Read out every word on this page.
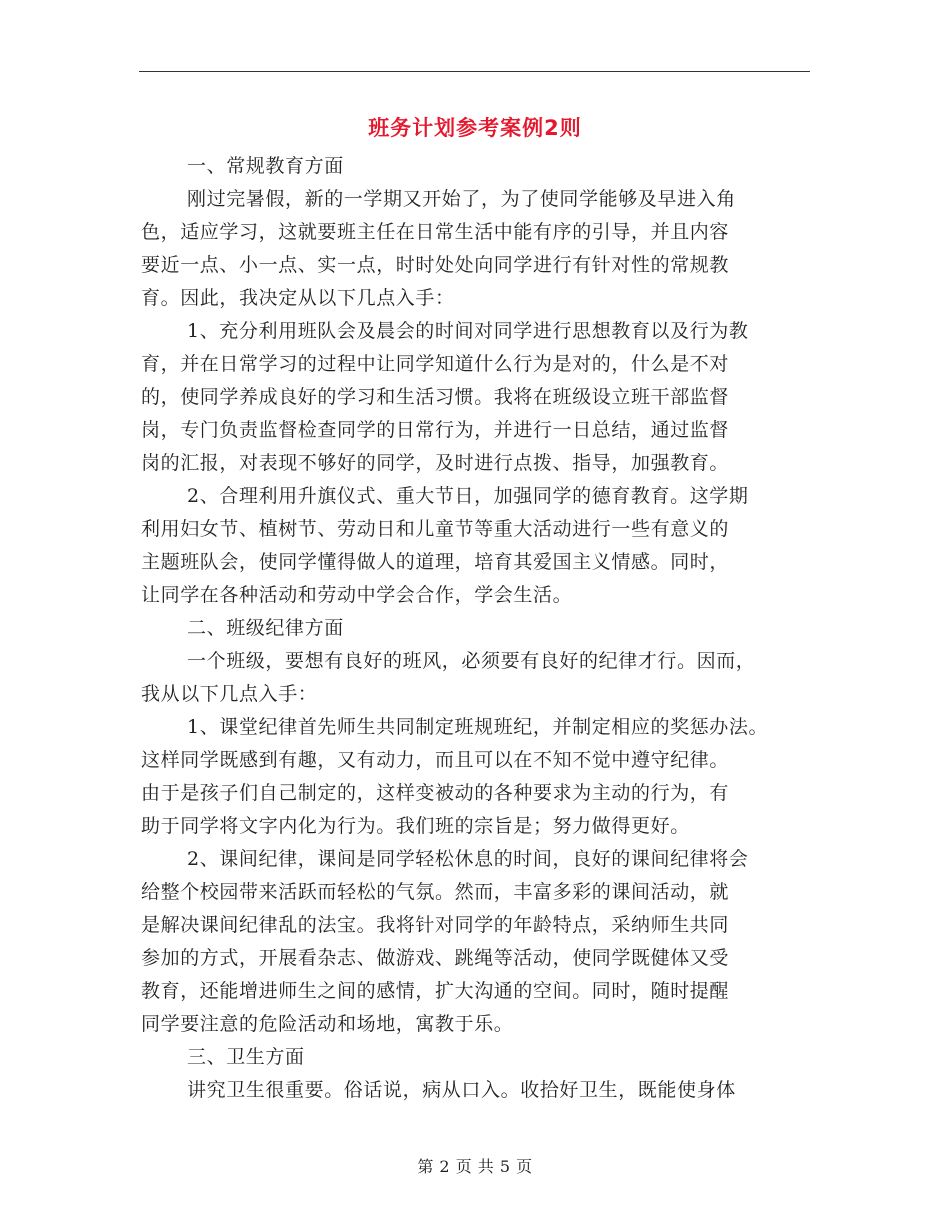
班务计划参考案例2则
一、常规教育方面
刚过完暑假，新的一学期又开始了，为了使同学能够及早进入角
色，适应学习，这就要班主任在日常生活中能有序的引导，并且内容
要近一点、小一点、实一点，时时处处向同学进行有针对性的常规教
育。因此，我决定从以下几点入手：
1、充分利用班队会及晨会的时间对同学进行思想教育以及行为教
育，并在日常学习的过程中让同学知道什么行为是对的，什么是不对
的，使同学养成良好的学习和生活习惯。我将在班级设立班干部监督
岗，专门负责监督检查同学的日常行为，并进行一日总结，通过监督
岗的汇报，对表现不够好的同学，及时进行点拨、指导，加强教育。
2、合理利用升旗仪式、重大节日，加强同学的德育教育。这学期
利用妇女节、植树节、劳动日和儿童节等重大活动进行一些有意义的
主题班队会，使同学懂得做人的道理，培育其爱国主义情感。同时，
让同学在各种活动和劳动中学会合作，学会生活。
二、班级纪律方面
一个班级，要想有良好的班风，必须要有良好的纪律才行。因而，
我从以下几点入手：
1、课堂纪律首先师生共同制定班规班纪，并制定相应的奖惩办法。
这样同学既感到有趣，又有动力，而且可以在不知不觉中遵守纪律。
由于是孩子们自己制定的，这样变被动的各种要求为主动的行为，有
助于同学将文字内化为行为。我们班的宗旨是；努力做得更好。
2、课间纪律，课间是同学轻松休息的时间，良好的课间纪律将会
给整个校园带来活跃而轻松的气氛。然而，丰富多彩的课间活动，就
是解决课间纪律乱的法宝。我将针对同学的年龄特点，采纳师生共同
参加的方式，开展看杂志、做游戏、跳绳等活动，使同学既健体又受
教育，还能增进师生之间的感情，扩大沟通的空间。同时，随时提醒
同学要注意的危险活动和场地，寓教于乐。
三、卫生方面
讲究卫生很重要。俗话说，病从口入。收拾好卫生，既能使身体
第 2 页 共 5 页
